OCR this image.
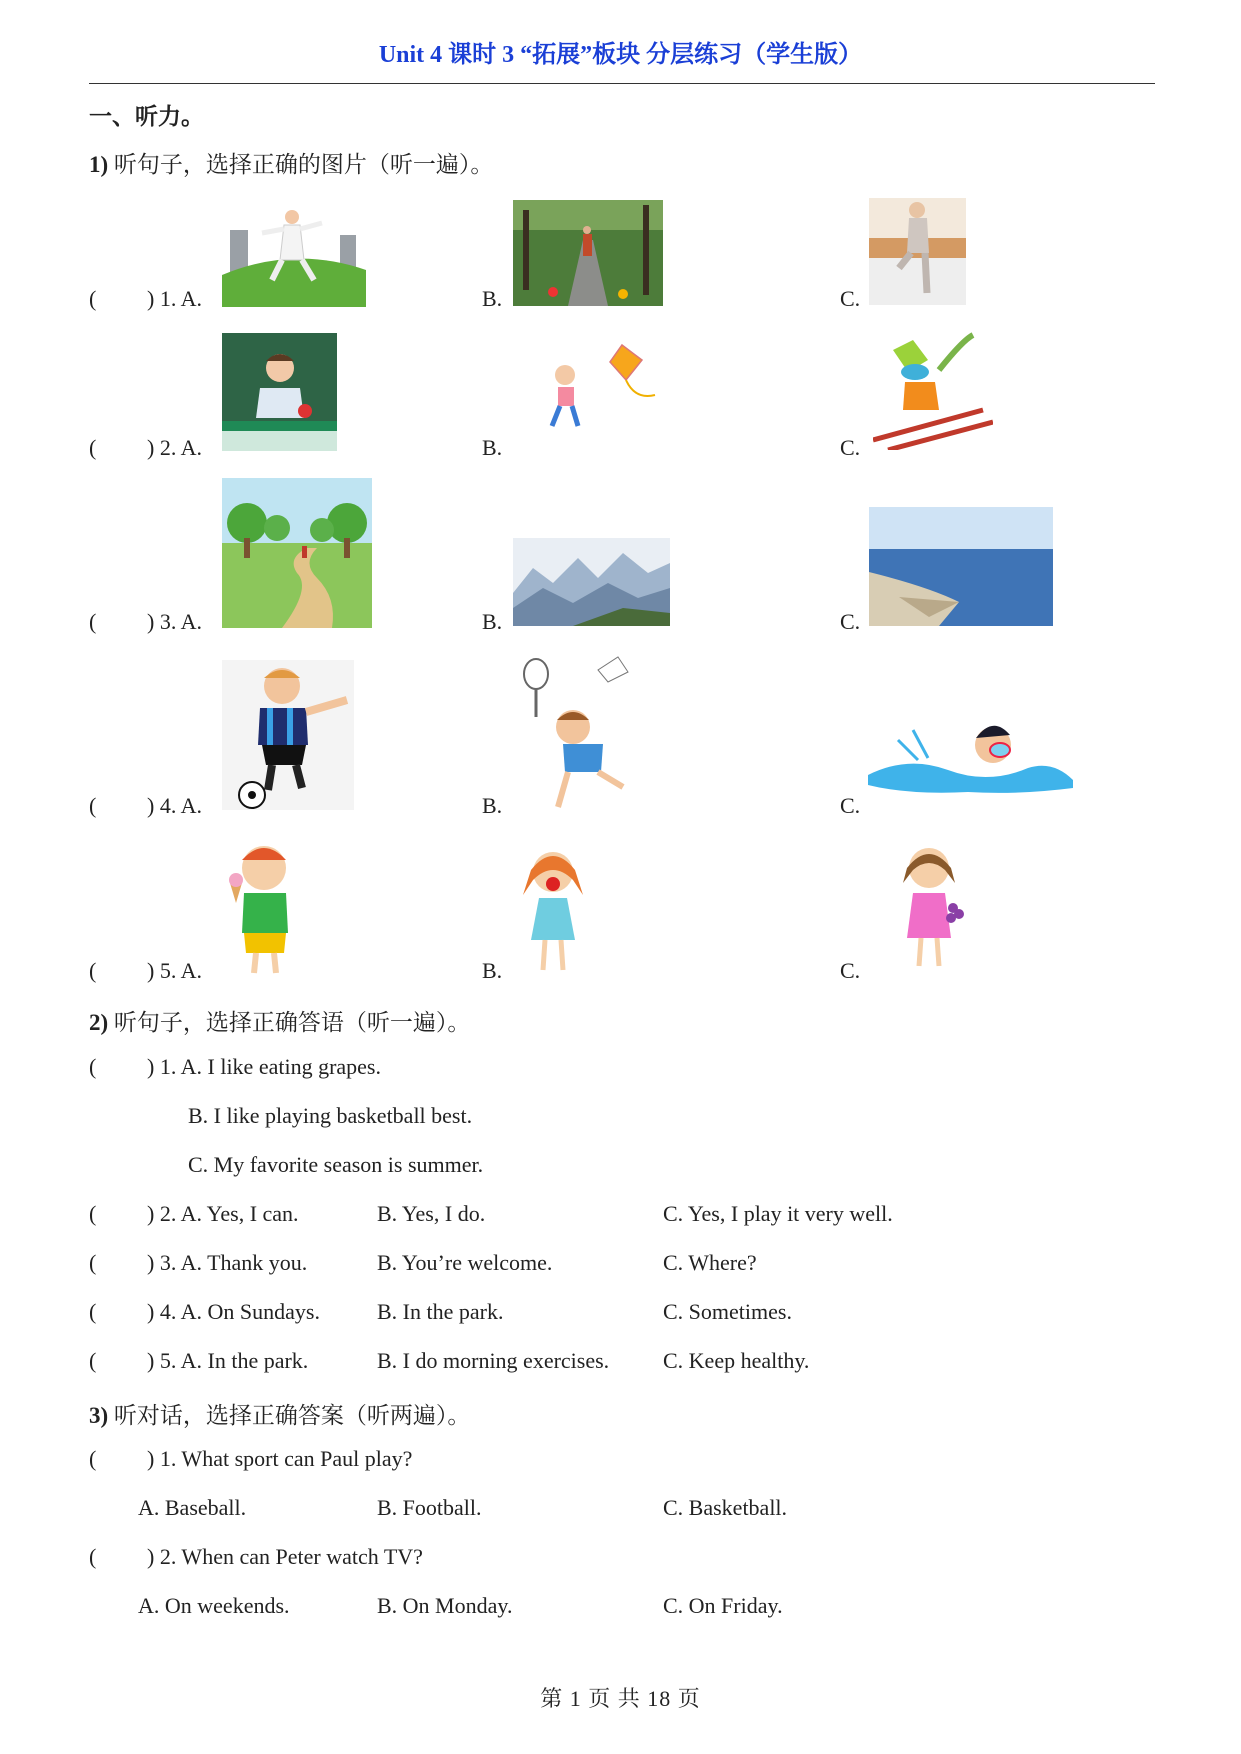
Unit 4 课时 3 “拓展”板块 分层练习（学生版）
一、听力。
1) 听句子，选择正确的图片（听一遍）。
( ) 1. A.	B.	C.
( ) 2. A.	B.	C.
( ) 3. A.	B.	C.
( ) 4. A.	B.	C.
( ) 5. A.	B.	C.
2) 听句子，选择正确答语（听一遍）。
( ) 1. A. I like eating grapes.
B. I like playing basketball best.
C. My favorite season is summer.
( ) 2. A. Yes, I can.	B. Yes, I do.	C. Yes, I play it very well.
( ) 3. A. Thank you.	B. You’re welcome.	C. Where?
( ) 4. A. On Sundays.	B. In the park.	C. Sometimes.
( ) 5. A. In the park.	B. I do morning exercises. C. Keep healthy.
3) 听对话，选择正确答案（听两遍）。
( ) 1. What sport can Paul play?
A. Baseball.	B. Football.	C. Basketball.
( ) 2. When can Peter watch TV?
A. On weekends.	B. On Monday.	C. On Friday.
第 1 页 共 18 页
